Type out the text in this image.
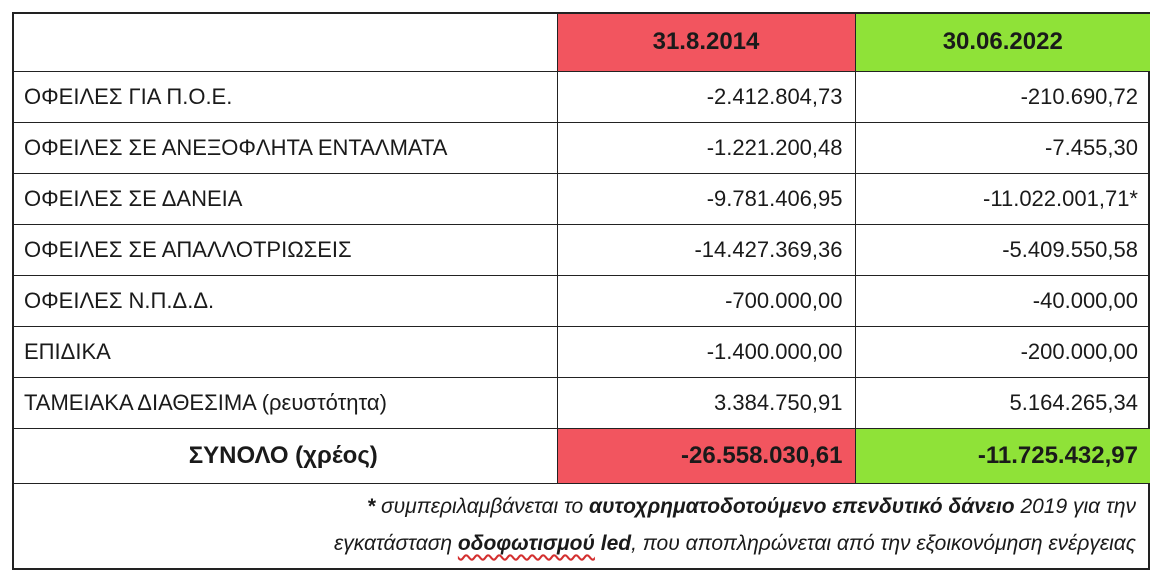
	31.8.2014	30.06.2022
ΟΦΕΙΛΕΣ ΓΙΑ Π.Ο.Ε.	-2.412.804,73	-210.690,72
ΟΦΕΙΛΕΣ ΣΕ ΑΝΕΞΟΦΛΗΤΑ ΕΝΤΑΛΜΑΤΑ	-1.221.200,48	-7.455,30
ΟΦΕΙΛΕΣ ΣΕ ΔΑΝΕΙΑ	-9.781.406,95	-11.022.001,71*
ΟΦΕΙΛΕΣ ΣΕ ΑΠΑΛΛΟΤΡΙΩΣΕΙΣ	-14.427.369,36	-5.409.550,58
ΟΦΕΙΛΕΣ Ν.Π.Δ.Δ.	-700.000,00	-40.000,00
ΕΠΙΔΙΚΑ	-1.400.000,00	-200.000,00
ΤΑΜΕΙΑΚΑ ΔΙΑΘΕΣΙΜΑ (ρευστότητα)	3.384.750,91	5.164.265,34
ΣΥΝΟΛΟ (χρέος)	-26.558.030,61	-11.725.432,97
* συμπεριλαμβάνεται το αυτοχρηματοδοτούμενο επενδυτικό δάνειο 2019 για την
εγκατάσταση οδοφωτισμού led, που αποπληρώνεται από την εξοικονόμηση ενέργειας
